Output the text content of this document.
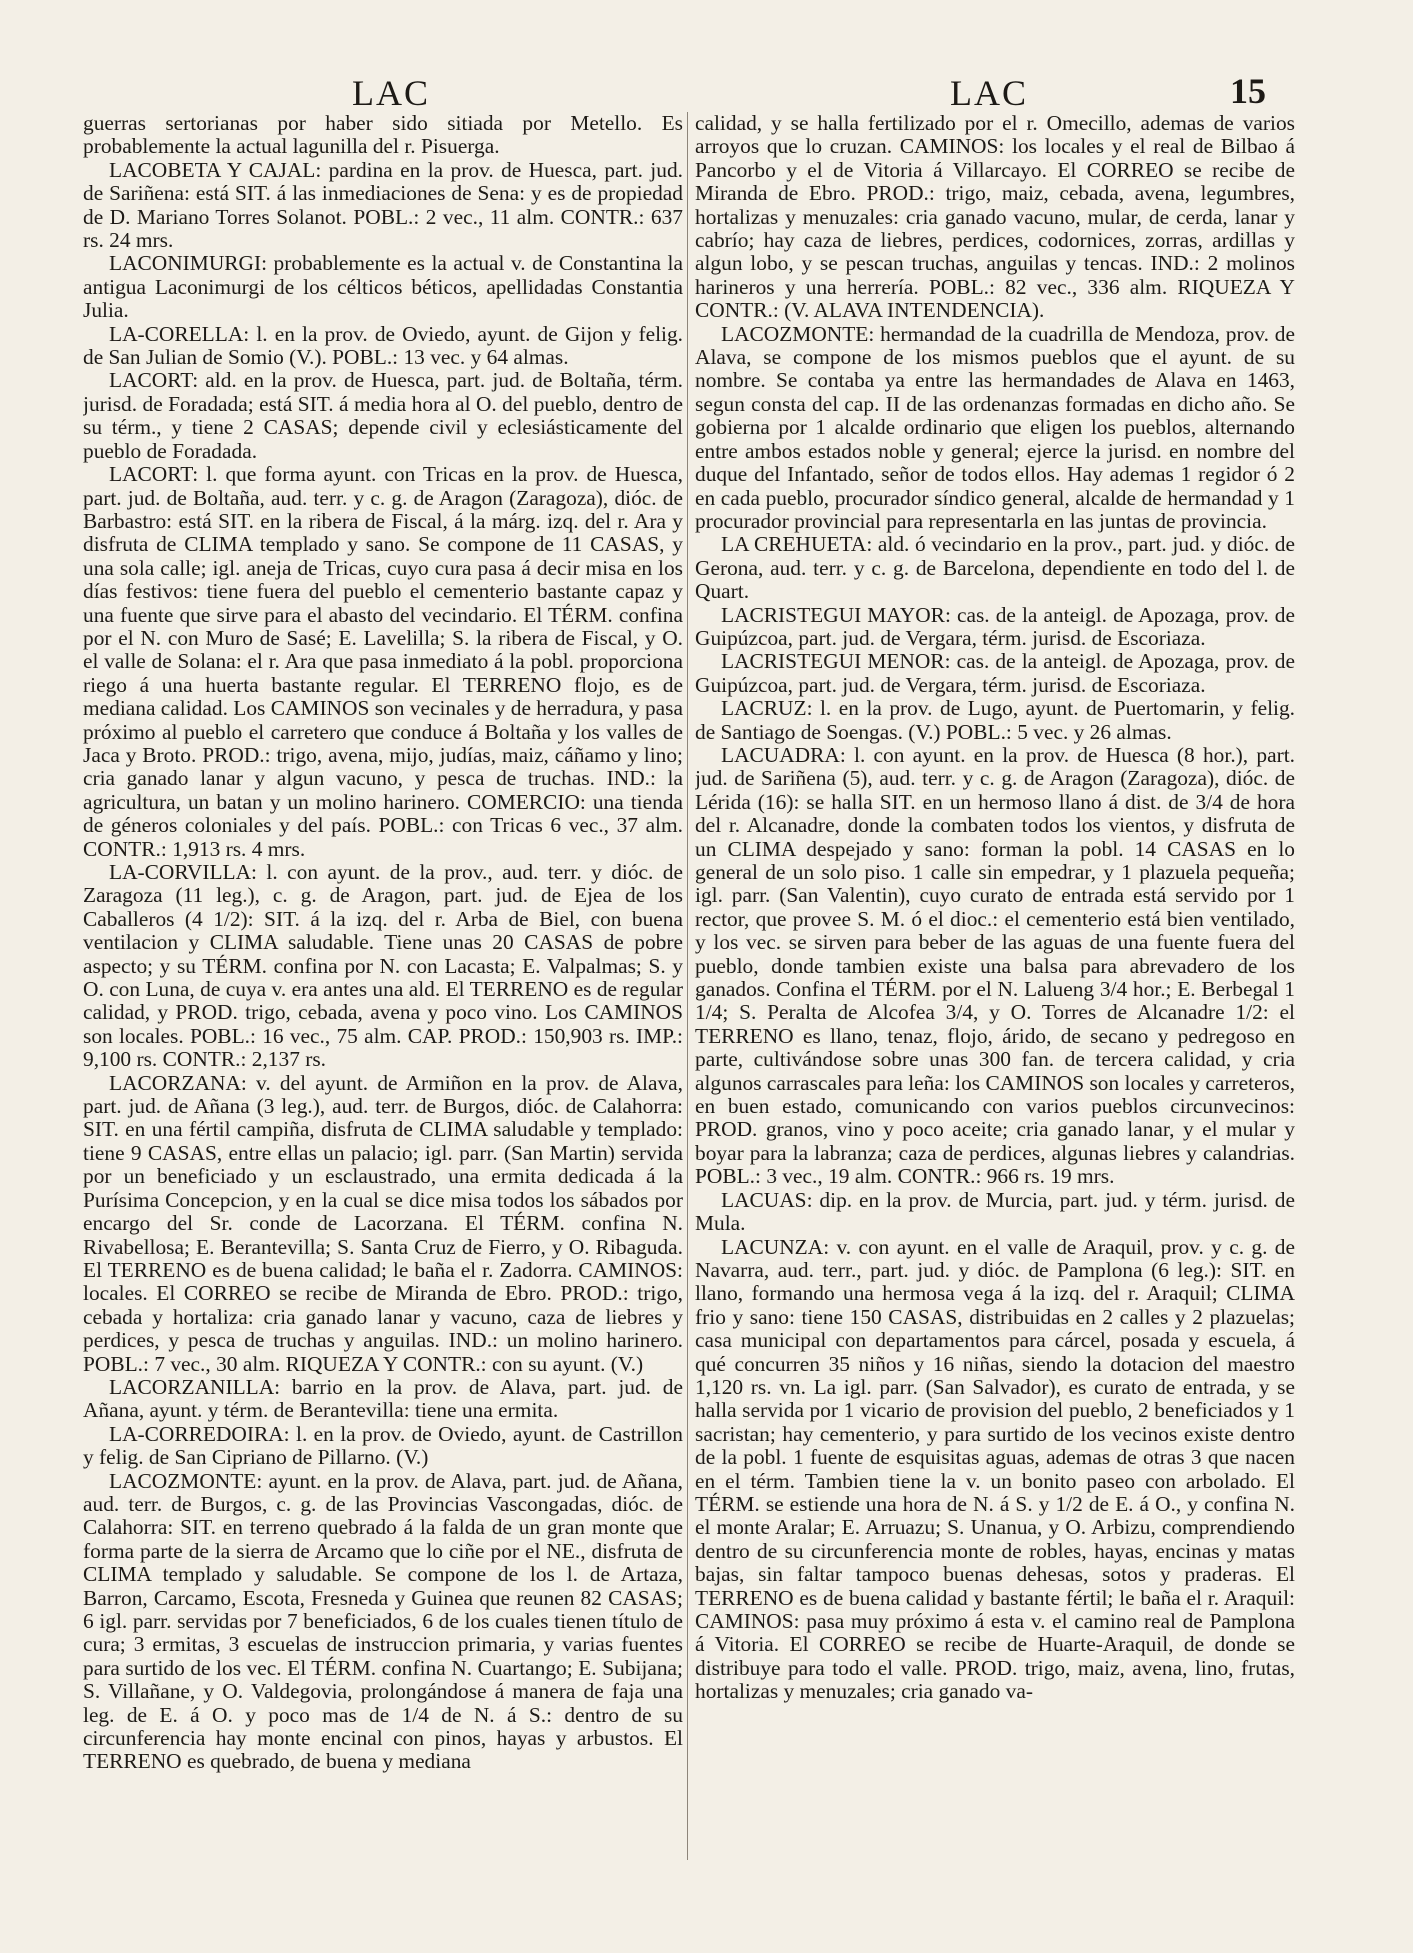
LAC	LAC	15

guerras sertorianas por haber sido sitiada por Metello. Es probablemente la actual lagunilla del r. Pisuerga.

LACOBETA Y CAJAL: pardina en la prov. de Huesca, part. jud. de Sariñena: está SIT. á las inmediaciones de Sena: y es de propiedad de D. Mariano Torres Solanot. POBL.: 2 vec., 11 alm. CONTR.: 637 rs. 24 mrs.

LACONIMURGI: probablemente es la actual v. de Constantina la antigua Laconimurgi de los célticos béticos, apellidadas Constantia Julia.

LA-CORELLA: l. en la prov. de Oviedo, ayunt. de Gijon y felig. de San Julian de Somio (V.). POBL.: 13 vec. y 64 almas.

LACORT: ald. en la prov. de Huesca, part. jud. de Boltaña, térm. jurisd. de Foradada; está SIT. á media hora al O. del pueblo, dentro de su térm., y tiene 2 CASAS; depende civil y eclesiásticamente del pueblo de Foradada.

LACORT: l. que forma ayunt. con Tricas en la prov. de Huesca, part. jud. de Boltaña, aud. terr. y c. g. de Aragon (Zaragoza), dióc. de Barbastro: está SIT. en la ribera de Fiscal, á la márg. izq. del r. Ara y disfruta de CLIMA templado y sano. Se compone de 11 CASAS, y una sola calle; igl. aneja de Tricas, cuyo cura pasa á decir misa en los días festivos: tiene fuera del pueblo el cementerio bastante capaz y una fuente que sirve para el abasto del vecindario. El TÉRM. confina por el N. con Muro de Sasé; E. Lavelilla; S. la ribera de Fiscal, y O. el valle de Solana: el r. Ara que pasa inmediato á la pobl. proporciona riego á una huerta bastante regular. El TERRENO flojo, es de mediana calidad. Los CAMINOS son vecinales y de herradura, y pasa próximo al pueblo el carretero que conduce á Boltaña y los valles de Jaca y Broto. PROD.: trigo, avena, mijo, judías, maiz, cáñamo y lino; cria ganado lanar y algun vacuno, y pesca de truchas. IND.: la agricultura, un batan y un molino harinero. COMERCIO: una tienda de géneros coloniales y del país. POBL.: con Tricas 6 vec., 37 alm. CONTR.: 1,913 rs. 4 mrs.

LA-CORVILLA: l. con ayunt. de la prov., aud. terr. y dióc. de Zaragoza (11 leg.), c. g. de Aragon, part. jud. de Ejea de los Caballeros (4 1/2): SIT. á la izq. del r. Arba de Biel, con buena ventilacion y CLIMA saludable. Tiene unas 20 CASAS de pobre aspecto; y su TÉRM. confina por N. con Lacasta; E. Valpalmas; S. y O. con Luna, de cuya v. era antes una ald. El TERRENO es de regular calidad, y PROD. trigo, cebada, avena y poco vino. Los CAMINOS son locales. POBL.: 16 vec., 75 alm. CAP. PROD.: 150,903 rs. IMP.: 9,100 rs. CONTR.: 2,137 rs.

LACORZANA: v. del ayunt. de Armiñon en la prov. de Alava, part. jud. de Añana (3 leg.), aud. terr. de Burgos, dióc. de Calahorra: SIT. en una fértil campiña, disfruta de CLIMA saludable y templado: tiene 9 CASAS, entre ellas un palacio; igl. parr. (San Martin) servida por un beneficiado y un esclaustrado, una ermita dedicada á la Purísima Concepcion, y en la cual se dice misa todos los sábados por encargo del Sr. conde de Lacorzana. El TÉRM. confina N. Rivabellosa; E. Berantevilla; S. Santa Cruz de Fierro, y O. Ribaguda. El TERRENO es de buena calidad; le baña el r. Zadorra. CAMINOS: locales. El CORREO se recibe de Miranda de Ebro. PROD.: trigo, cebada y hortaliza: cria ganado lanar y vacuno, caza de liebres y perdices, y pesca de truchas y anguilas. IND.: un molino harinero. POBL.: 7 vec., 30 alm. RIQUEZA Y CONTR.: con su ayunt. (V.)

LACORZANILLA: barrio en la prov. de Alava, part. jud. de Añana, ayunt. y térm. de Berantevilla: tiene una ermita.

LA-CORREDOIRA: l. en la prov. de Oviedo, ayunt. de Castrillon y felig. de San Cipriano de Pillarno. (V.)

LACOZMONTE: ayunt. en la prov. de Alava, part. jud. de Añana, aud. terr. de Burgos, c. g. de las Provincias Vascongadas, dióc. de Calahorra: SIT. en terreno quebrado á la falda de un gran monte que forma parte de la sierra de Arcamo que lo ciñe por el NE., disfruta de CLIMA templado y saludable. Se compone de los l. de Artaza, Barron, Carcamo, Escota, Fresneda y Guinea que reunen 82 CASAS; 6 igl. parr. servidas por 7 beneficiados, 6 de los cuales tienen título de cura; 3 ermitas, 3 escuelas de instruccion primaria, y varias fuentes para surtido de los vec. El TÉRM. confina N. Cuartango; E. Subijana; S. Villañane, y O. Valdegovia, prolongándose á manera de faja una leg. de E. á O. y poco mas de 1/4 de N. á S.: dentro de su circunferencia hay monte encinal con pinos, hayas y arbustos. El TERRENO es quebrado, de buena y mediana

calidad, y se halla fertilizado por el r. Omecillo, ademas de varios arroyos que lo cruzan. CAMINOS: los locales y el real de Bilbao á Pancorbo y el de Vitoria á Villarcayo. El CORREO se recibe de Miranda de Ebro. PROD.: trigo, maiz, cebada, avena, legumbres, hortalizas y menuzales: cria ganado vacuno, mular, de cerda, lanar y cabrío; hay caza de liebres, perdices, codornices, zorras, ardillas y algun lobo, y se pescan truchas, anguilas y tencas. IND.: 2 molinos harineros y una herrería. POBL.: 82 vec., 336 alm. RIQUEZA Y CONTR.: (V. ALAVA INTENDENCIA).

LACOZMONTE: hermandad de la cuadrilla de Mendoza, prov. de Alava, se compone de los mismos pueblos que el ayunt. de su nombre. Se contaba ya entre las hermandades de Alava en 1463, segun consta del cap. II de las ordenanzas formadas en dicho año. Se gobierna por 1 alcalde ordinario que eligen los pueblos, alternando entre ambos estados noble y general; ejerce la jurisd. en nombre del duque del Infantado, señor de todos ellos. Hay ademas 1 regidor ó 2 en cada pueblo, procurador síndico general, alcalde de hermandad y 1 procurador provincial para representarla en las juntas de provincia.

LA CREHUETA: ald. ó vecindario en la prov., part. jud. y dióc. de Gerona, aud. terr. y c. g. de Barcelona, dependiente en todo del l. de Quart.

LACRISTEGUI MAYOR: cas. de la anteigl. de Apozaga, prov. de Guipúzcoa, part. jud. de Vergara, térm. jurisd. de Escoriaza.

LACRISTEGUI MENOR: cas. de la anteigl. de Apozaga, prov. de Guipúzcoa, part. jud. de Vergara, térm. jurisd. de Escoriaza.

LACRUZ: l. en la prov. de Lugo, ayunt. de Puertomarin, y felig. de Santiago de Soengas. (V.) POBL.: 5 vec. y 26 almas.

LACUADRA: l. con ayunt. en la prov. de Huesca (8 hor.), part. jud. de Sariñena (5), aud. terr. y c. g. de Aragon (Zaragoza), dióc. de Lérida (16): se halla SIT. en un hermoso llano á dist. de 3/4 de hora del r. Alcanadre, donde la combaten todos los vientos, y disfruta de un CLIMA despejado y sano: forman la pobl. 14 CASAS en lo general de un solo piso. 1 calle sin empedrar, y 1 plazuela pequeña; igl. parr. (San Valentin), cuyo curato de entrada está servido por 1 rector, que provee S. M. ó el dioc.: el cementerio está bien ventilado, y los vec. se sirven para beber de las aguas de una fuente fuera del pueblo, donde tambien existe una balsa para abrevadero de los ganados. Confina el TÉRM. por el N. Lalueng 3/4 hor.; E. Berbegal 1 1/4; S. Peralta de Alcofea 3/4, y O. Torres de Alcanadre 1/2: el TERRENO es llano, tenaz, flojo, árido, de secano y pedregoso en parte, cultivándose sobre unas 300 fan. de tercera calidad, y cria algunos carrascales para leña: los CAMINOS son locales y carreteros, en buen estado, comunicando con varios pueblos circunvecinos: PROD. granos, vino y poco aceite; cria ganado lanar, y el mular y boyar para la labranza; caza de perdices, algunas liebres y calandrias. POBL.: 3 vec., 19 alm. CONTR.: 966 rs. 19 mrs.

LACUAS: dip. en la prov. de Murcia, part. jud. y térm. jurisd. de Mula.

LACUNZA: v. con ayunt. en el valle de Araquil, prov. y c. g. de Navarra, aud. terr., part. jud. y dióc. de Pamplona (6 leg.): SIT. en llano, formando una hermosa vega á la izq. del r. Araquil; CLIMA frio y sano: tiene 150 CASAS, distribuidas en 2 calles y 2 plazuelas; casa municipal con departamentos para cárcel, posada y escuela, á qué concurren 35 niños y 16 niñas, siendo la dotacion del maestro 1,120 rs. vn. La igl. parr. (San Salvador), es curato de entrada, y se halla servida por 1 vicario de provision del pueblo, 2 beneficiados y 1 sacristan; hay cementerio, y para surtido de los vecinos existe dentro de la pobl. 1 fuente de esquisitas aguas, ademas de otras 3 que nacen en el térm. Tambien tiene la v. un bonito paseo con arbolado. El TÉRM. se estiende una hora de N. á S. y 1/2 de E. á O., y confina N. el monte Aralar; E. Arruazu; S. Unanua, y O. Arbizu, comprendiendo dentro de su circunferencia monte de robles, hayas, encinas y matas bajas, sin faltar tampoco buenas dehesas, sotos y praderas. El TERRENO es de buena calidad y bastante fértil; le baña el r. Araquil: CAMINOS: pasa muy próximo á esta v. el camino real de Pamplona á Vitoria. El CORREO se recibe de Huarte-Araquil, de donde se distribuye para todo el valle. PROD. trigo, maiz, avena, lino, frutas, hortalizas y menuzales; cria ganado va-
